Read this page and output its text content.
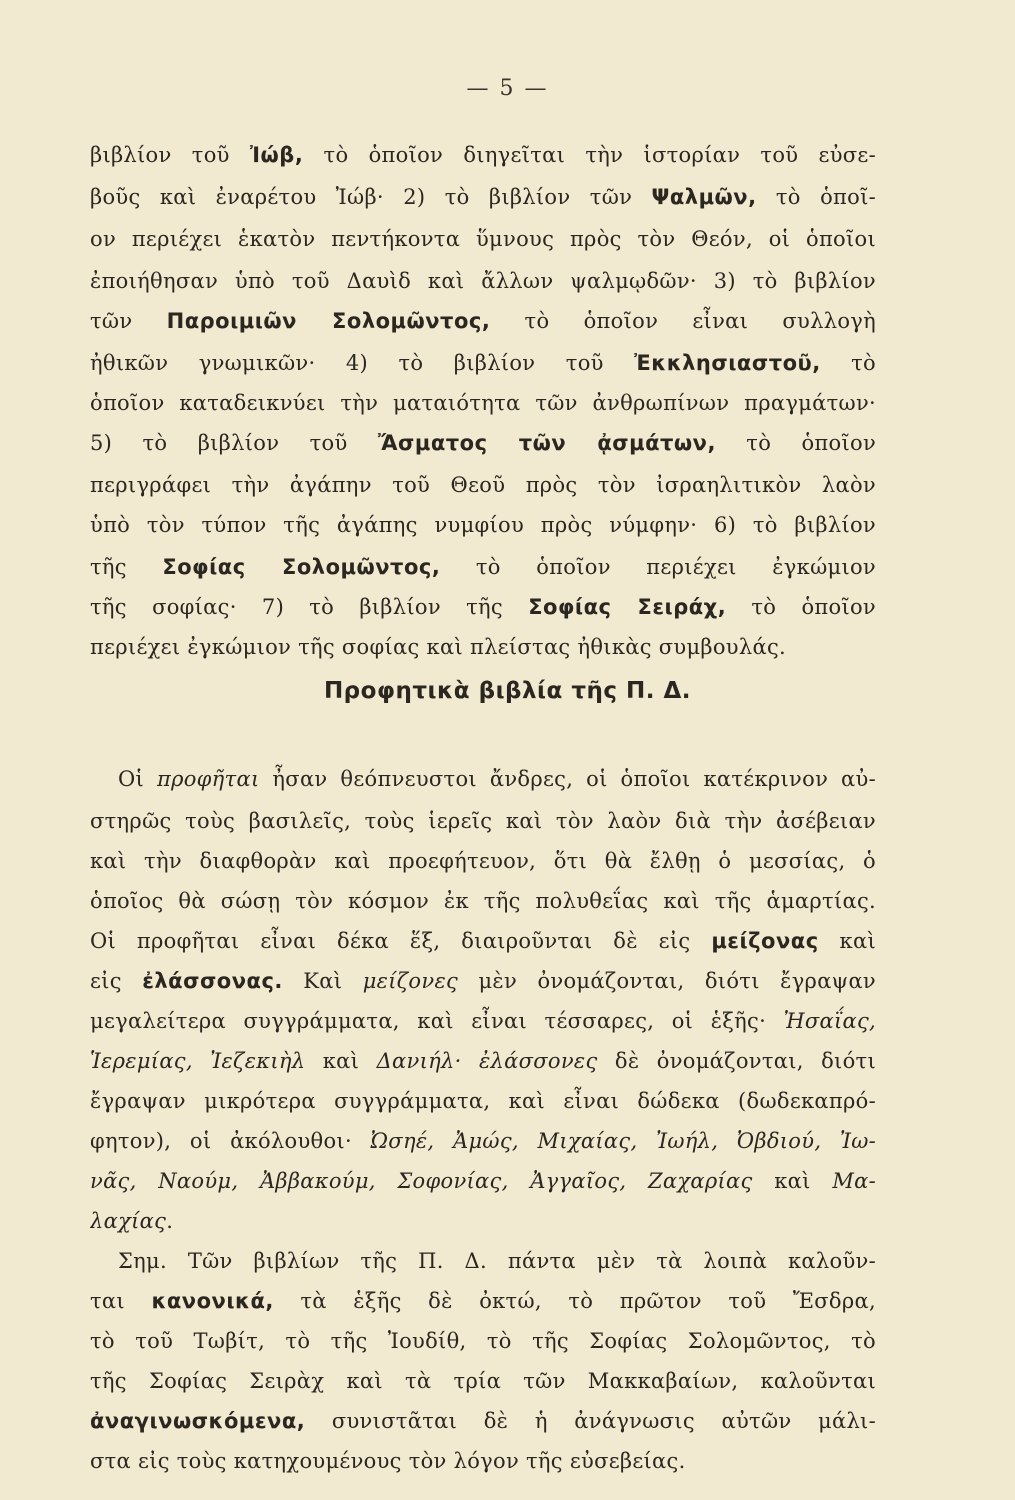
— 5 —
βιβλίον τοῦ Ἰώβ, τὸ ὁποῖον διηγεῖται τὴν ἱστορίαν τοῦ εὐσε-
βοῦς καὶ ἐναρέτου Ἰώβ· 2) τὸ βιβλίον τῶν Ψαλμῶν, τὸ ὁποῖ-
ον περιέχει ἑκατὸν πεντήκοντα ὕμνους πρὸς τὸν Θεόν, οἱ ὁποῖοι
ἐποιήθησαν ὑπὸ τοῦ Δαυὶδ καὶ ἄλλων ψαλμῳδῶν· 3) τὸ βιβλίον
τῶν Παροιμιῶν Σολομῶντος, τὸ ὁποῖον εἶναι συλλογὴ
ἠθικῶν γνωμικῶν· 4) τὸ βιβλίον τοῦ Ἐκκλησιαστοῦ, τὸ
ὁποῖον καταδεικνύει τὴν ματαιότητα τῶν ἀνθρωπίνων πραγμάτων·
5) τὸ βιβλίον τοῦ Ἄσματος τῶν ᾀσμάτων, τὸ ὁποῖον
περιγράφει τὴν ἀγάπην τοῦ Θεοῦ πρὸς τὸν ἰσραηλιτικὸν λαὸν
ὑπὸ τὸν τύπον τῆς ἀγάπης νυμφίου πρὸς νύμφην· 6) τὸ βιβλίον
τῆς Σοφίας Σολομῶντος, τὸ ὁποῖον περιέχει ἐγκώμιον
τῆς σοφίας· 7) τὸ βιβλίον τῆς Σοφίας Σειράχ, τὸ ὁποῖον
περιέχει ἐγκώμιον τῆς σοφίας καὶ πλείστας ἠθικὰς συμβουλάς.
Προφητικὰ βιβλία τῆς Π. Δ.
Οἱ προφῆται ἦσαν θεόπνευστοι ἄνδρες, οἱ ὁποῖοι κατέκρινον αὐ-
στηρῶς τοὺς βασιλεῖς, τοὺς ἱερεῖς καὶ τὸν λαὸν διὰ τὴν ἀσέβειαν
καὶ τὴν διαφθορὰν καὶ προεφήτευον, ὅτι θὰ ἔλθῃ ὁ μεσσίας, ὁ
ὁποῖος θὰ σώσῃ τὸν κόσμον ἐκ τῆς πολυθεΐας καὶ τῆς ἁμαρτίας.
Οἱ προφῆται εἶναι δέκα ἕξ, διαιροῦνται δὲ εἰς μείζονας καὶ
εἰς ἐλάσσονας. Καὶ μείζονες μὲν ὀνομάζονται, διότι ἔγραψαν
μεγαλείτερα συγγράμματα, καὶ εἶναι τέσσαρες, οἱ ἑξῆς· Ἠσαΐας,
Ἱερεμίας, Ἰεζεκιὴλ καὶ Δανιήλ· ἐλάσσονες δὲ ὀνομάζονται, διότι
ἔγραψαν μικρότερα συγγράμματα, καὶ εἶναι δώδεκα (δωδεκαπρό-
φητον), οἱ ἀκόλουθοι· Ὠσηέ, Ἀμώς, Μιχαίας, Ἰωήλ, Ὀβδιού, Ἰω-
νᾶς, Ναούμ, Ἀββακούμ, Σοφονίας, Ἀγγαῖος, Ζαχαρίας καὶ Μα-
λαχίας.
Σημ. Τῶν βιβλίων τῆς Π. Δ. πάντα μὲν τὰ λοιπὰ καλοῦν-
ται κανονικά, τὰ ἑξῆς δὲ ὀκτώ, τὸ πρῶτον τοῦ Ἔσδρα,
τὸ τοῦ Τωβίτ, τὸ τῆς Ἰουδίθ, τὸ τῆς Σοφίας Σολομῶντος, τὸ
τῆς Σοφίας Σειρὰχ καὶ τὰ τρία τῶν Μακκαβαίων, καλοῦνται
ἀναγινωσκόμενα, συνιστᾶται δὲ ἡ ἀνάγνωσις αὐτῶν μάλι-
στα εἰς τοὺς κατηχουμένους τὸν λόγον τῆς εὐσεβείας.
